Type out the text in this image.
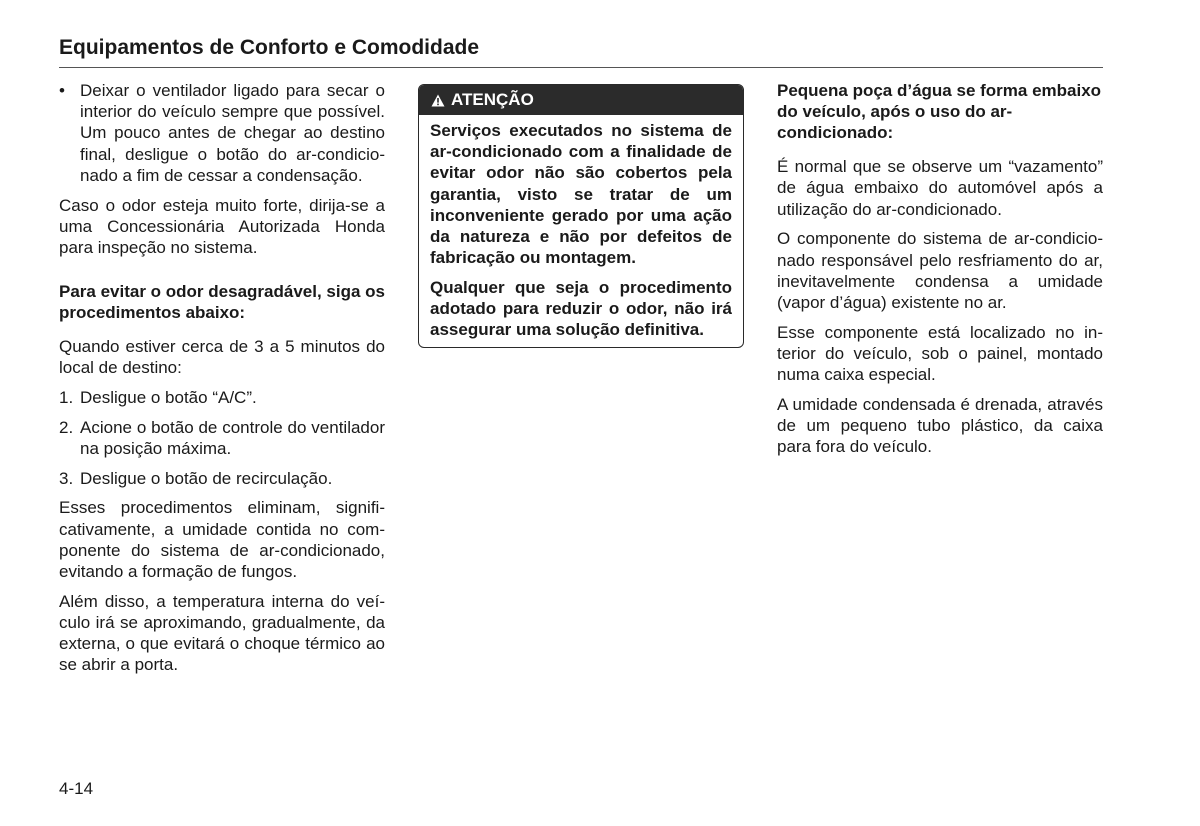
Equipamentos de Conforto e Comodidade
• Deixar o ventilador ligado para secar o interior do veículo sempre que possível. Um pouco antes de chegar ao destino final, desligue o botão do ar-condicionado a fim de cessar a condensação.

Caso o odor esteja muito forte, dirija-se a uma Concessionária Autorizada Honda para inspeção no sistema.

Para evitar o odor desagradável, siga os procedimentos abaixo:

Quando estiver cerca de 3 a 5 minutos do local de destino:

1. Desligue o botão “A/C”.
2. Acione o botão de controle do ventilador na posição máxima.
3. Desligue o botão de recirculação.

Esses procedimentos eliminam, significativamente, a umidade contida no componente do sistema de ar-condicionado, evitando a formação de fungos.

Além disso, a temperatura interna do veículo irá se aproximando, gradualmente, da externa, o que evitará o choque térmico ao se abrir a porta.

ATENÇÃO

Serviços executados no sistema de ar-condicionado com a finalidade de evitar odor não são cobertos pela garantia, visto se tratar de um inconveniente gerado por uma ação da natureza e não por defeitos de fabricação ou montagem.

Qualquer que seja o procedimento adotado para reduzir o odor, não irá assegurar uma solução definitiva.

Pequena poça d’água se forma embaixo do veículo, após o uso do ar-condicionado:

É normal que se observe um “vazamento” de água embaixo do automóvel após a utilização do ar-condicionado.

O componente do sistema de ar-condicionado responsável pelo resfriamento do ar, inevitavelmente condensa a umidade (vapor d’água) existente no ar.

Esse componente está localizado no interior do veículo, sob o painel, montado numa caixa especial.

A umidade condensada é drenada, através de um pequeno tubo plástico, da caixa para fora do veículo.

4-14
